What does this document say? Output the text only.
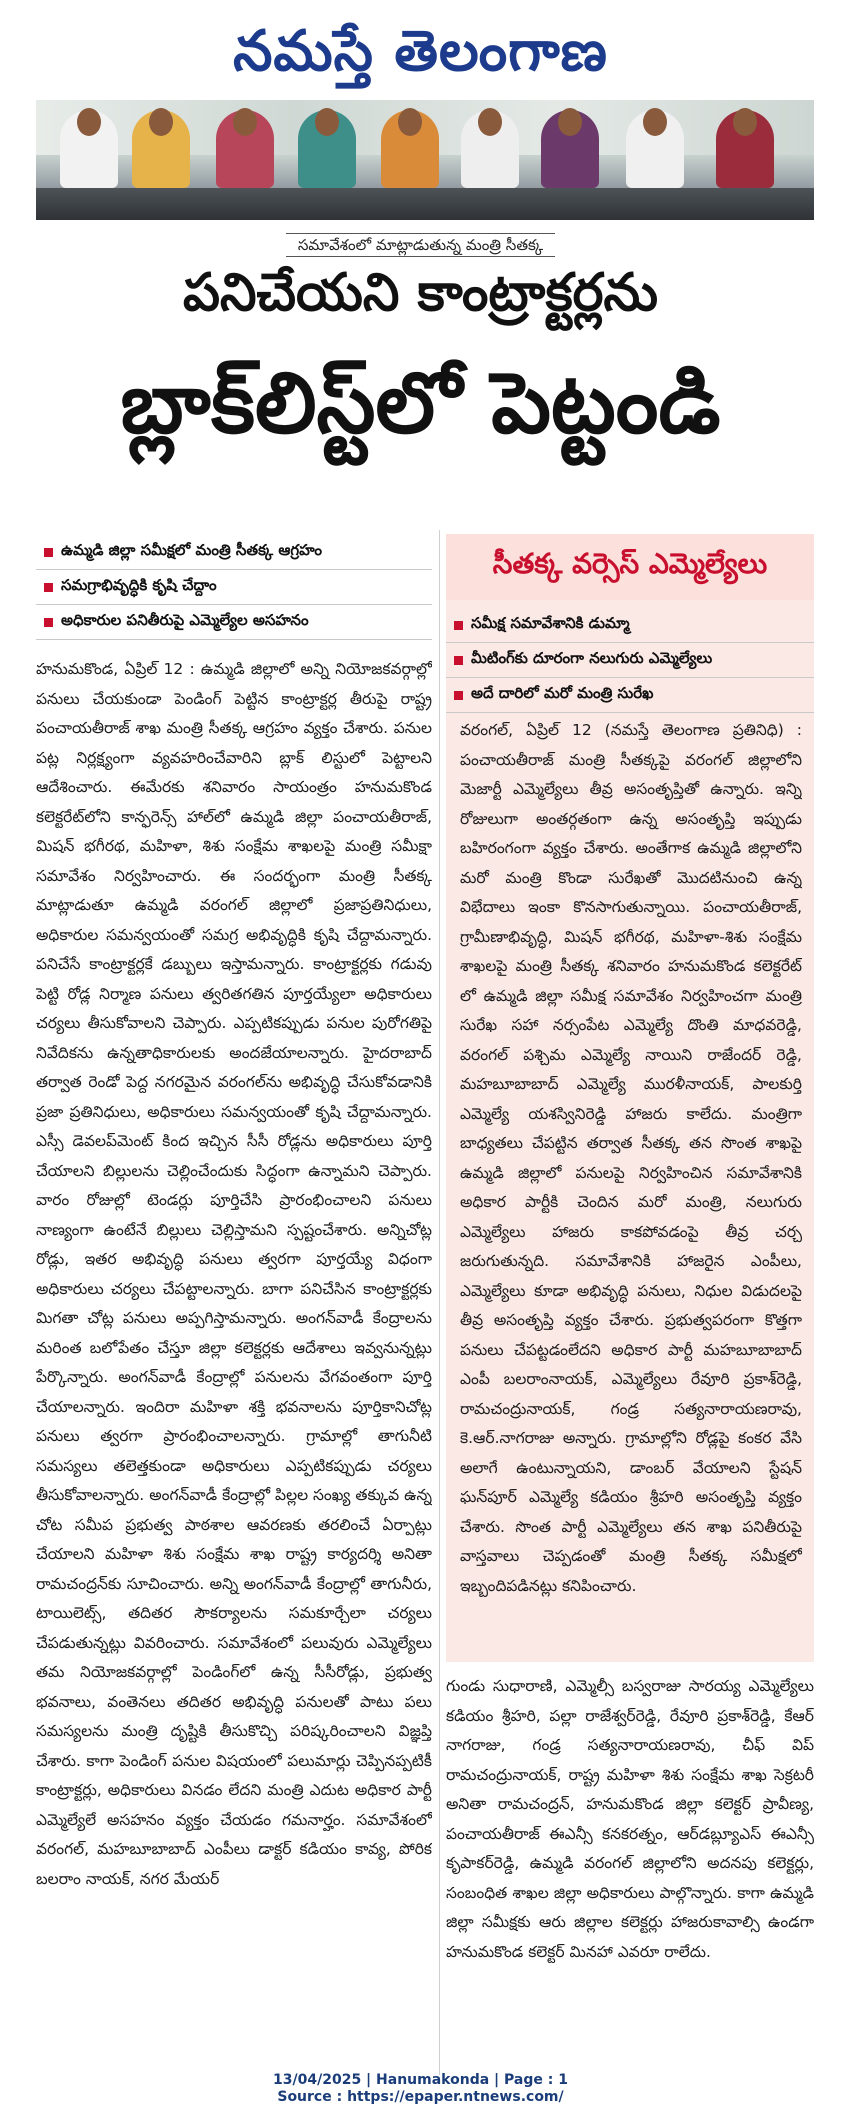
నమస్తే తెలంగాణ
సమావేశంలో మాట్లాడుతున్న మంత్రి సీతక్క
పనిచేయని కాంట్రాక్టర్లను
బ్లాక్‌లిస్ట్‌లో పెట్టండి
ఉమ్మడి జిల్లా సమీక్షలో మంత్రి సీతక్క ఆగ్రహం
సమగ్రాభివృద్ధికి కృషి చేద్దాం
అధికారుల పనితీరుపై ఎమ్మెల్యేల అసహనం
సీతక్క వర్సెస్ ఎమ్మెల్యేలు
సమీక్ష సమావేశానికి డుమ్మా
మీటింగ్‌కు దూరంగా నలుగురు ఎమ్మెల్యేలు
అదే దారిలో మరో మంత్రి సురేఖ
హనుమకొండ, ఏప్రిల్ 12 : ఉమ్మడి జిల్లాలో అన్ని నియోజకవర్గాల్లో పనులు చేయకుండా పెండింగ్ పెట్టిన కాంట్రాక్టర్ల తీరుపై రాష్ట్ర పంచాయతీరాజ్ శాఖ మంత్రి సీతక్క ఆగ్రహం వ్యక్తం చేశారు. పనుల పట్ల నిర్లక్ష్యంగా వ్యవహరించేవారిని బ్లాక్ లిస్టులో పెట్టాలని ఆదేశించారు. ఈమేరకు శనివారం సాయంత్రం హనుమకొండ కలెక్టరేట్‌లోని కాన్ఫరెన్స్ హాల్‌లో ఉమ్మడి జిల్లా పంచాయతీరాజ్, మిషన్ భగీరథ, మహిళా, శిశు సంక్షేమ శాఖలపై మంత్రి సమీక్షా సమావేశం నిర్వహించారు. ఈ సందర్భంగా మంత్రి సీతక్క మాట్లాడుతూ ఉమ్మడి వరంగల్ జిల్లాలో ప్రజాప్రతినిధులు, అధికారుల సమన్వయంతో సమగ్ర అభివృద్ధికి కృషి చేద్దామన్నారు. పనిచేసే కాంట్రాక్టర్లకే డబ్బులు ఇస్తామన్నారు. కాంట్రాక్టర్లకు గడువు పెట్టి రోడ్ల నిర్మాణ పనులు త్వరితగతిన పూర్తయ్యేలా అధికారులు చర్యలు తీసుకోవాలని చెప్పారు. ఎప్పటికప్పుడు పనుల పురోగతిపై నివేదికను ఉన్నతాధికారులకు అందజేయాలన్నారు. హైదరాబాద్ తర్వాత రెండో పెద్ద నగరమైన వరంగల్‌ను అభివృద్ధి చేసుకోవడానికి ప్రజా ప్రతినిధులు, అధికారులు సమన్వయంతో కృషి చేద్దామన్నారు. ఎస్సీ డెవలప్‌మెంట్ కింద ఇచ్చిన సీసీ రోడ్లను అధికారులు పూర్తి చేయాలని బిల్లులను చెల్లించేందుకు సిద్ధంగా ఉన్నామని చెప్పారు. వారం రోజుల్లో టెండర్లు పూర్తిచేసి ప్రారంభించాలని పనులు నాణ్యంగా ఉంటేనే బిల్లులు చెల్లిస్తామని స్పష్టంచేశారు. అన్నిచోట్ల రోడ్లు, ఇతర అభివృద్ధి పనులు త్వరగా పూర్తయ్యే విధంగా అధికారులు చర్యలు చేపట్టాలన్నారు. బాగా పనిచేసిన కాంట్రాక్టర్లకు మిగతా చోట్ల పనులు అప్పగిస్తామన్నారు. అంగన్‌వాడీ కేంద్రాలను మరింత బలోపేతం చేస్తూ జిల్లా కలెక్టర్లకు ఆదేశాలు ఇవ్వనున్నట్లు పేర్కొన్నారు. అంగన్‌వాడీ కేంద్రాల్లో పనులను వేగవంతంగా పూర్తి చేయాలన్నారు. ఇందిరా మహిళా శక్తి భవనాలను పూర్తికానిచోట్ల పనులు త్వరగా ప్రారంభించాలన్నారు. గ్రామాల్లో తాగునీటి సమస్యలు తలెత్తకుండా అధికారులు ఎప్పటికప్పుడు చర్యలు తీసుకోవాలన్నారు. అంగన్‌వాడీ కేంద్రాల్లో పిల్లల సంఖ్య తక్కువ ఉన్న చోట సమీప ప్రభుత్వ పాఠశాల ఆవరణకు తరలించే ఏర్పాట్లు చేయాలని మహిళా శిశు సంక్షేమ శాఖ రాష్ట్ర కార్యదర్శి అనితా రామచంద్రన్‌కు సూచించారు. అన్ని అంగన్‌వాడీ కేంద్రాల్లో తాగునీరు, టాయిలెట్స్, తదితర సౌకర్యాలను సమకూర్చేలా చర్యలు చేపడుతున్నట్లు వివరించారు. సమావేశంలో పలువురు ఎమ్మెల్యేలు తమ నియోజకవర్గాల్లో పెండింగ్‌లో ఉన్న సీసీరోడ్లు, ప్రభుత్వ భవనాలు, వంతెనలు తదితర అభివృద్ధి పనులతో పాటు పలు సమస్యలను మంత్రి దృష్టికి తీసుకొచ్చి పరిష్కరించాలని విజ్ఞప్తి చేశారు. కాగా పెండింగ్ పనుల విషయంలో పలుమార్లు చెప్పినప్పటికీ కాంట్రాక్టర్లు, అధికారులు వినడం లేదని మంత్రి ఎదుట అధికార పార్టీ ఎమ్మెల్యేలే అసహనం వ్యక్తం చేయడం గమనార్హం. సమావేశంలో వరంగల్, మహబూబాబాద్ ఎంపీలు డాక్టర్ కడియం కావ్య, పోరిక బలరాం నాయక్, నగర మేయర్
వరంగల్, ఏప్రిల్ 12 (నమస్తే తెలంగాణ ప్రతినిధి) : పంచాయతీరాజ్ మంత్రి సీతక్కపై వరంగల్ జిల్లాలోని మెజార్టీ ఎమ్మెల్యేలు తీవ్ర అసంతృప్తితో ఉన్నారు. ఇన్ని రోజులుగా అంతర్గతంగా ఉన్న అసంతృప్తి ఇప్పుడు బహిరంగంగా వ్యక్తం చేశారు. అంతేగాక ఉమ్మడి జిల్లాలోని మరో మంత్రి కొండా సురేఖతో మొదటినుంచి ఉన్న విభేదాలు ఇంకా కొనసాగుతున్నాయి. పంచాయతీరాజ్, గ్రామీణాభివృద్ధి, మిషన్ భగీరథ, మహిళా-శిశు సంక్షేమ శాఖలపై మంత్రి సీతక్క శనివారం హనుమకొండ కలెక్టరేట్ లో ఉమ్మడి జిల్లా సమీక్ష సమావేశం నిర్వహించగా మంత్రి సురేఖ సహా నర్సంపేట ఎమ్మెల్యే దొంతి మాధవరెడ్డి, వరంగల్ పశ్చిమ ఎమ్మెల్యే నాయిని రాజేందర్ రెడ్డి, మహబూబాబాద్ ఎమ్మెల్యే మురళీనాయక్, పాలకుర్తి ఎమ్మెల్యే యశస్వినిరెడ్డి హాజరు కాలేదు. మంత్రిగా బాధ్యతలు చేపట్టిన తర్వాత సీతక్క తన సొంత శాఖపై ఉమ్మడి జిల్లాలో పనులపై నిర్వహించిన సమావేశానికి అధికార పార్టీకి చెందిన మరో మంత్రి, నలుగురు ఎమ్మెల్యేలు హాజరు కాకపోవడంపై తీవ్ర చర్చ జరుగుతున్నది. సమావేశానికి హాజరైన ఎంపీలు, ఎమ్మెల్యేలు కూడా అభివృద్ధి పనులు, నిధుల విడుదలపై తీవ్ర అసంతృప్తి వ్యక్తం చేశారు. ప్రభుత్వపరంగా కొత్తగా పనులు చేపట్టడంలేదని అధికార పార్టీ మహబూబాబాద్ ఎంపీ బలరాంనాయక్, ఎమ్మెల్యేలు రేవూరి ప్రకాశ్‌రెడ్డి, రామచంద్రునాయక్, గండ్ర సత్యనారాయణరావు, కె.ఆర్.నాగరాజు అన్నారు. గ్రామాల్లోని రోడ్లపై కంకర వేసి అలాగే ఉంటున్నాయని, డాంబర్ వేయాలని స్టేషన్ ఘన్‌పూర్ ఎమ్మెల్యే కడియం శ్రీహరి అసంతృప్తి వ్యక్తం చేశారు. సొంత పార్టీ ఎమ్మెల్యేలు తన శాఖ పనితీరుపై వాస్తవాలు చెప్పడంతో మంత్రి సీతక్క సమీక్షలో ఇబ్బందిపడినట్లు కనిపించారు.
గుండు సుధారాణి, ఎమ్మెల్సీ బస్వరాజు సారయ్య ఎమ్మెల్యేలు కడియం శ్రీహరి, పల్లా రాజేశ్వర్‌రెడ్డి, రేవూరి ప్రకాశ్‌రెడ్డి, కేఆర్ నాగరాజు, గండ్ర సత్యనారాయణరావు, చీఫ్ విప్ రామచంద్రునాయక్, రాష్ట్ర మహిళా శిశు సంక్షేమ శాఖ సెక్రటరీ అనితా రామచంద్రన్, హనుమకొండ జిల్లా కలెక్టర్ ప్రావీణ్య, పంచాయతీరాజ్ ఈఎన్సీ కనకరత్నం, ఆర్‌డబ్ల్యూఎస్ ఈఎన్సీ కృపాకర్‌రెడ్డి, ఉమ్మడి వరంగల్ జిల్లాలోని అదనపు కలెక్టర్లు, సంబంధిత శాఖల జిల్లా అధికారులు పాల్గొన్నారు. కాగా ఉమ్మడి జిల్లా సమీక్షకు ఆరు జిల్లాల కలెక్టర్లు హాజరుకావాల్సి ఉండగా హనుమకొండ కలెక్టర్ మినహా ఎవరూ రాలేదు.
13/04/2025 | Hanumakonda | Page : 1
Source : https://epaper.ntnews.com/
